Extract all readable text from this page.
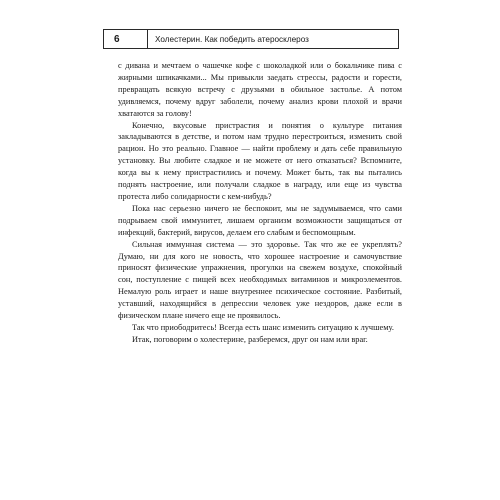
6	Холестерин. Как победить атеросклероз

с дивана и мечтаем о чашечке кофе с шоколадкой или о бокальчике пива с жирными шпикачками... Мы привыкли заедать стрессы, радости и горести, превращать всякую встречу с друзьями в обильное застолье. А потом удивляемся, почему вдруг заболели, почему анализ крови плохой и врачи хватаются за голову!

Конечно, вкусовые пристрастия и понятия о культуре питания закладываются в детстве, и потом нам трудно перестроиться, изменить свой рацион. Но это реально. Главное — найти проблему и дать себе правильную установку. Вы любите сладкое и не можете от него отказаться? Вспомните, когда вы к нему пристрастились и почему. Может быть, так вы пытались поднять настроение, или получали сладкое в награду, или еще из чувства протеста либо солидарности с кем-нибудь?

Пока нас серьезно ничего не беспокоит, мы не задумываемся, что сами подрываем свой иммунитет, лишаем организм возможности защищаться от инфекций, бактерий, вирусов, делаем его слабым и беспомощным.

Сильная иммунная система — это здоровье. Так что же ее укреплять? Думаю, ни для кого не новость, что хорошее настроение и самочувствие приносят физические упражнения, прогулки на свежем воздухе, спокойный сон, поступление с пищей всех необходимых витаминов и микроэлементов. Немалую роль играет и наше внутреннее психическое состояние. Разбитый, уставший, находящийся в депрессии человек уже нездоров, даже если в физическом плане ничего еще не проявилось.

Так что приободритесь! Всегда есть шанс изменить ситуацию к лучшему.

Итак, поговорим о холестерине, разберемся, друг он нам или враг.
